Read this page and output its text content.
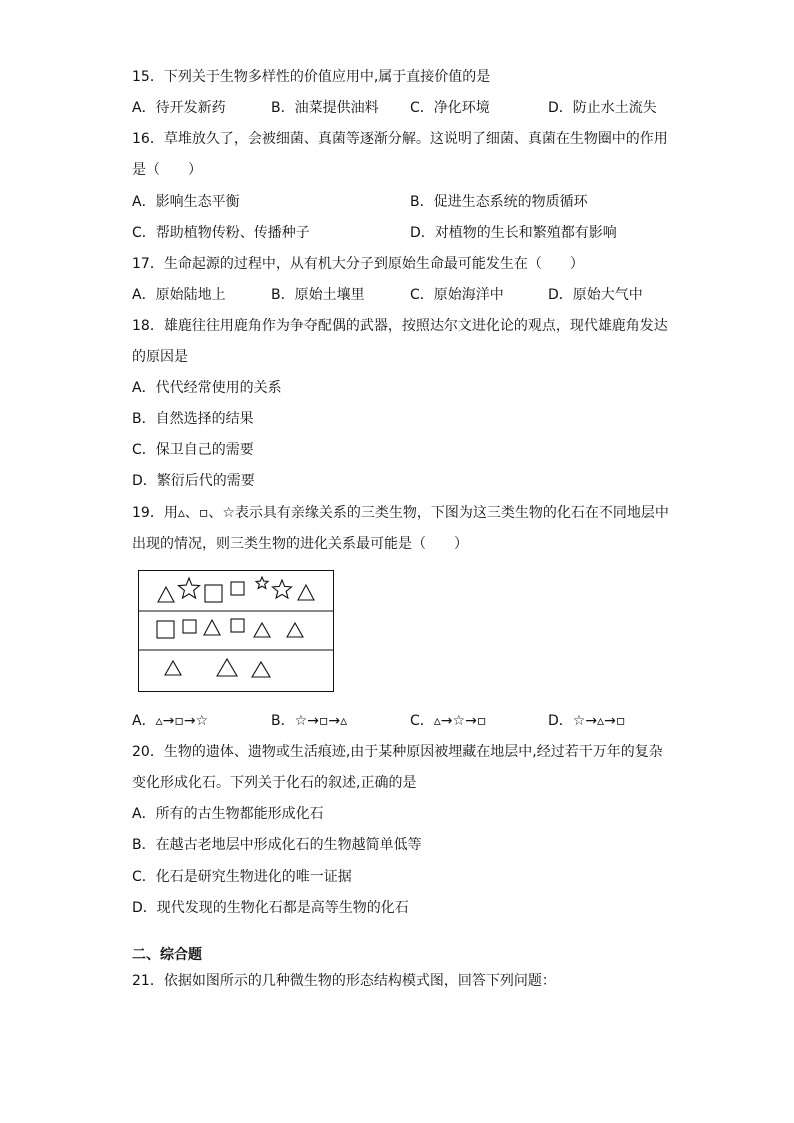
15．下列关于生物多样性的价值应用中,属于直接价值的是
A．待开发新药	B．油菜提供油料 C．净化环境	D．防止水土流失
16．草堆放久了，会被细菌、真菌等逐渐分解。这说明了细菌、真菌在生物圈中的作用
是（　　）
A．影响生态平衡	B．促进生态系统的物质循环
C．帮助植物传粉、传播种子	D．对植物的生长和繁殖都有影响
17．生命起源的过程中，从有机大分子到原始生命最可能发生在（　　）
A．原始陆地上	B．原始土壤里	C．原始海洋中	D．原始大气中
18．雄鹿往往用鹿角作为争夺配偶的武器，按照达尔文进化论的观点，现代雄鹿角发达
的原因是
A．代代经常使用的关系
B．自然选择的结果
C．保卫自己的需要
D．繁衍后代的需要
19．用▵、▫、☆表示具有亲缘关系的三类生物，下图为这三类生物的化石在不同地层中
出现的情况，则三类生物的进化关系最可能是（　　）
A．▵→▫→☆	B．☆→▫→▵	C．▵→☆→▫	D．☆→▵→▫
20．生物的遗体、遗物或生活痕迹,由于某种原因被埋藏在地层中,经过若干万年的复杂
变化形成化石。下列关于化石的叙述,正确的是
A．所有的古生物都能形成化石
B．在越古老地层中形成化石的生物越简单低等
C．化石是研究生物进化的唯一证据
D．现代发现的生物化石都是高等生物的化石
二、综合题
21．依据如图所示的几种微生物的形态结构模式图，回答下列问题：
